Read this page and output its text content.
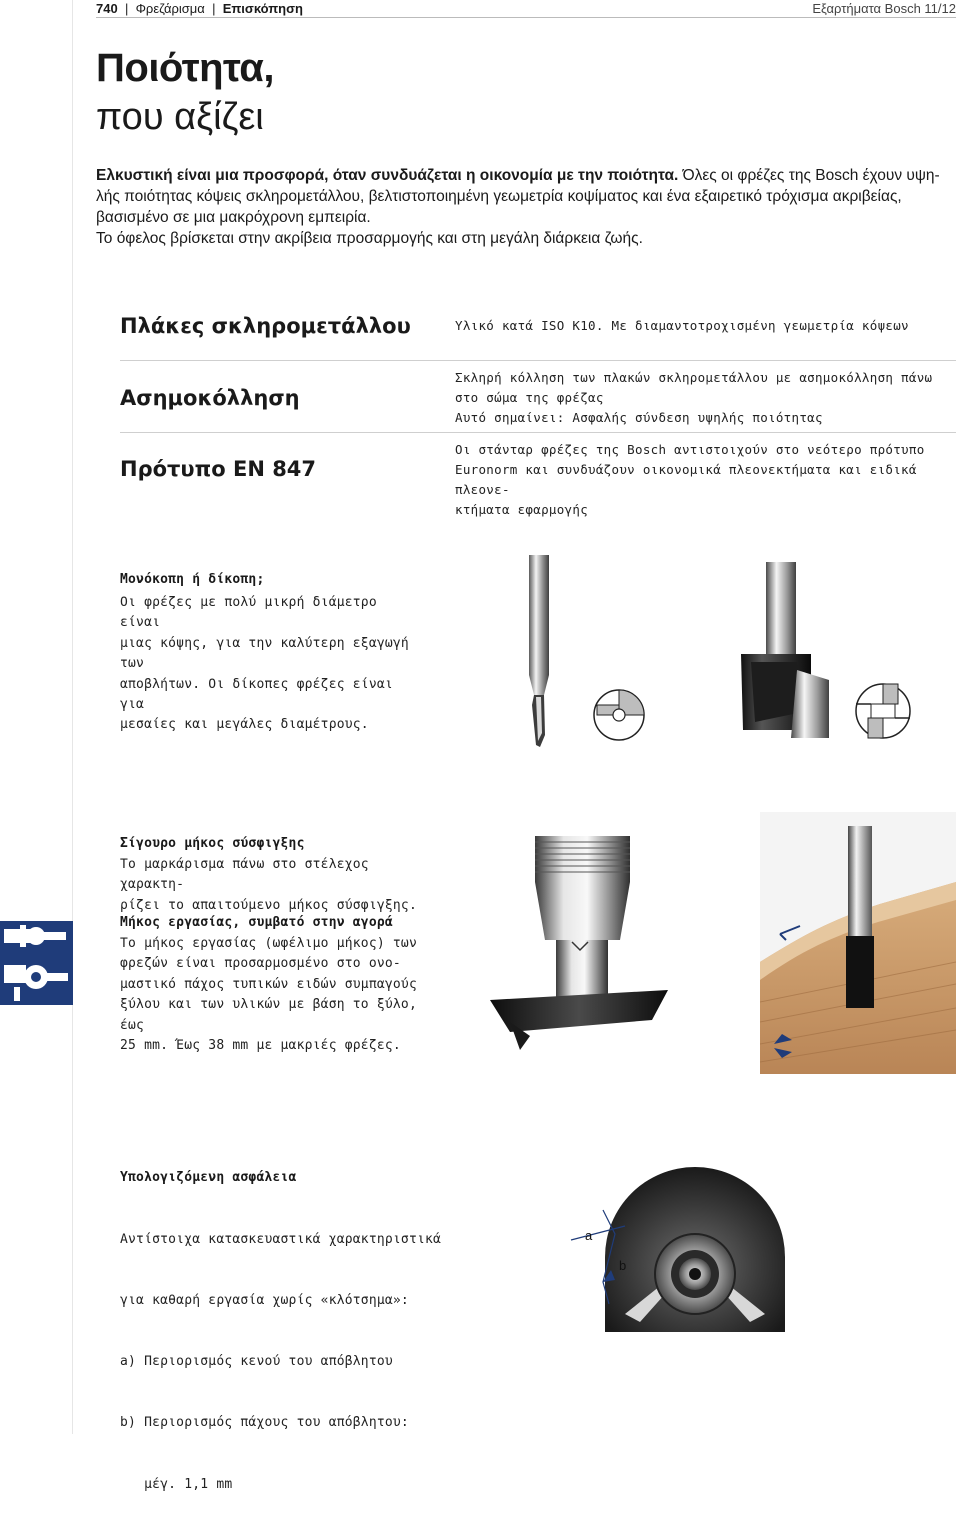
740  |  Φρεζάρισμα  |  Επισκόπηση	Εξαρτήματα Bosch 11/12
Ποιότητα,
που αξίζει
Ελκυστική είναι μια προσφορά, όταν συνδυάζεται η οικονομία με την ποιότητα. Όλες οι φρέζες της Bosch έχουν υψη-
λής ποιότητας κόψεις σκληρομετάλλου, βελτιστοποιημένη γεωμετρία κοψίματος και ένα εξαιρετικό τρόχισμα ακριβείας,
βασισμένο σε μια μακρόχρονη εμπειρία.
Το όφελος βρίσκεται στην ακρίβεια προσαρμογής και στη μεγάλη διάρκεια ζωής.
Πλάκες σκληρομετάλλου	Υλικό κατά ISO K10. Με διαμαντοτροχισμένη γεωμετρία κόψεων
Ασημοκόλληση
Σκληρή κόλληση των πλακών σκληρομετάλλου με ασημοκόλληση πάνω
στο σώμα της φρέζας
Αυτό σημαίνει: Ασφαλής σύνδεση υψηλής ποιότητας
Πρότυπο EN 847
Οι στάνταρ φρέζες της Bosch αντιστοιχούν στο νεότερο πρότυπο
Euronorm και συνδυάζουν οικονομικά πλεονεκτήματα και ειδικά πλεονε-
κτήματα εφαρμογής
Μονόκοπη ή δίκοπη;
Οι φρέζες με πολύ μικρή διάμετρο είναι
μιας κόψης, για την καλύτερη εξαγωγή των
αποβλήτων. Οι δίκοπες φρέζες είναι για
μεσαίες και μεγάλες διαμέτρους.
Σίγουρο μήκος σύσφιγξης
Το μαρκάρισμα πάνω στο στέλεχος χαρακτη-
ρίζει το απαιτούμενο μήκος σύσφιγξης.
Μήκος εργασίας, συμβατό στην αγορά
Το μήκος εργασίας (ωφέλιμο μήκος) των
φρεζών είναι προσαρμοσμένο στο ονο-
μαστικό πάχος τυπικών ειδών συμπαγούς
ξύλου και των υλικών με βάση το ξύλο, έως
25 mm. Έως 38 mm με μακριές φρέζες.
Υπολογιζόμενη ασφάλεια

Αντίστοιχα κατασκευαστικά χαρακτηριστικά

για καθαρή εργασία χωρίς «κλότσημα»:

a) Περιορισμός κενού του απόβλητου

b) Περιορισμός πάχους του απόβλητου:

μέγ. 1,1 mm

a
b
